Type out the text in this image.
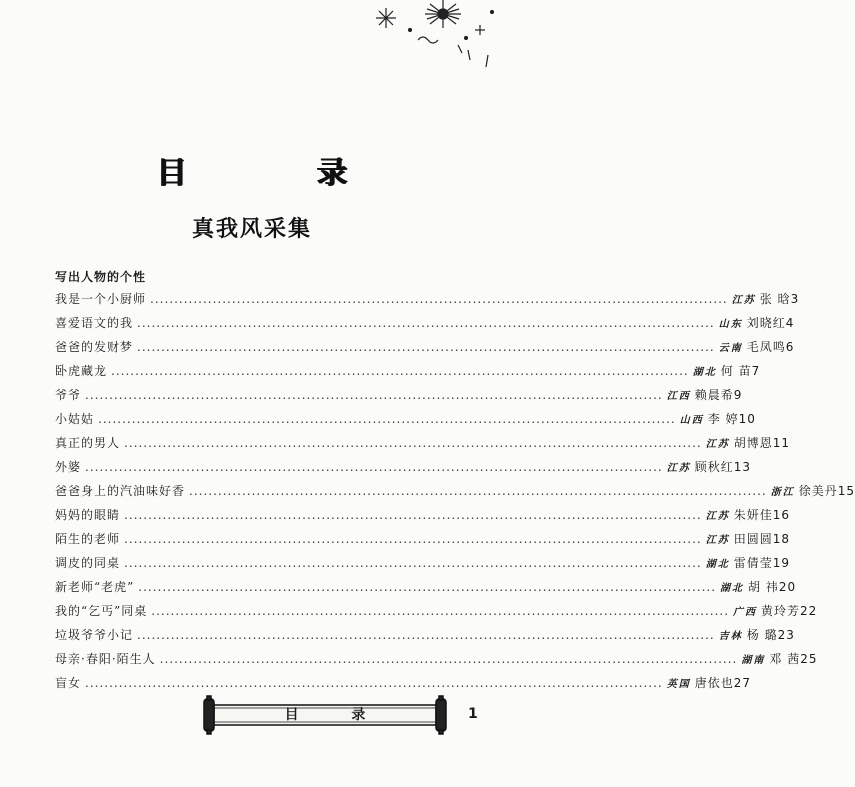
目 录
真我风采集
写出人物的个性
我是一个小厨师 ........................................................................................................................ 江苏 张 晗 3
喜爱语文的我 ........................................................................................................................ 山东 刘晓红 4
爸爸的发财梦 ........................................................................................................................ 云南 毛凤鸣 6
卧虎藏龙 ........................................................................................................................ 湖北 何 苗 7
爷爷 ........................................................................................................................ 江西 赖晨希 9
小姑姑 ........................................................................................................................ 山西 李 婷 10
真正的男人 ........................................................................................................................ 江苏 胡博恩 11
外婆 ........................................................................................................................ 江苏 顾秋红 13
爸爸身上的汽油味好香 ........................................................................................................................ 浙江 徐美丹 15
妈妈的眼睛 ........................................................................................................................ 江苏 朱妍佳 16
陌生的老师 ........................................................................................................................ 江苏 田圆圆 18
调皮的同桌 ........................................................................................................................ 湖北 雷倩莹 19
新老师“老虎” ........................................................................................................................ 湖北 胡 祎 20
我的“乞丐”同桌 ........................................................................................................................ 广西 黄玲芳 22
垃圾爷爷小记 ........................................................................................................................ 吉林 杨 璐 23
母亲·春阳·陌生人 ........................................................................................................................ 湖南 邓 茜 25
盲女 ........................................................................................................................ 英国 唐依也 27
目 录	1
